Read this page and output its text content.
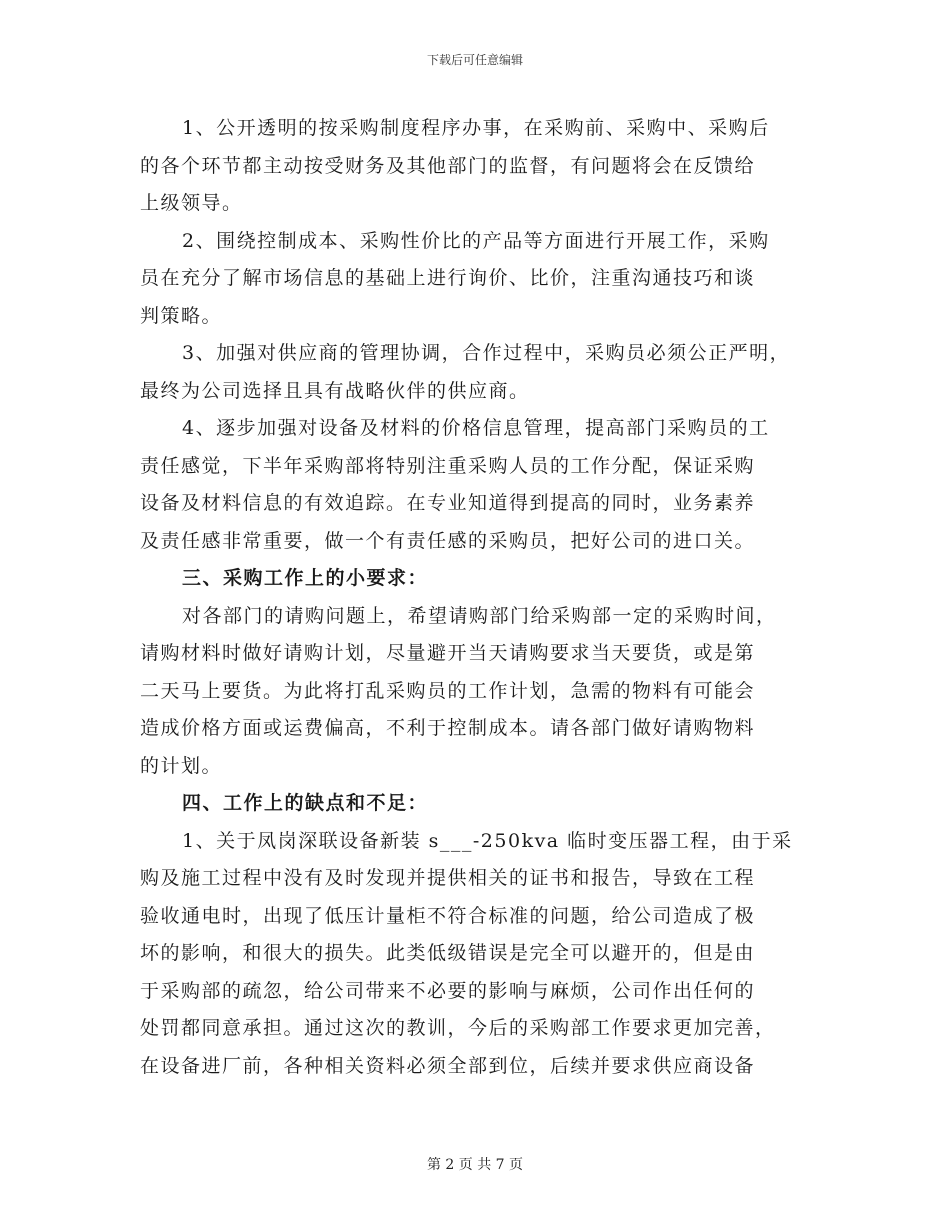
下载后可任意编辑
1、公开透明的按采购制度程序办事，在采购前、采购中、采购后
的各个环节都主动按受财务及其他部门的监督，有问题将会在反馈给
上级领导。
2、围绕控制成本、采购性价比的产品等方面进行开展工作，采购
员在充分了解市场信息的基础上进行询价、比价，注重沟通技巧和谈
判策略。
3、加强对供应商的管理协调，合作过程中，采购员必须公正严明，
最终为公司选择且具有战略伙伴的供应商。
4、逐步加强对设备及材料的价格信息管理，提高部门采购员的工
责任感觉，下半年采购部将特别注重采购人员的工作分配，保证采购
设备及材料信息的有效追踪。在专业知道得到提高的同时，业务素养
及责任感非常重要，做一个有责任感的采购员，把好公司的进口关。
三、采购工作上的小要求：
对各部门的请购问题上，希望请购部门给采购部一定的采购时间，
请购材料时做好请购计划，尽量避开当天请购要求当天要货，或是第
二天马上要货。为此将打乱采购员的工作计划，急需的物料有可能会
造成价格方面或运费偏高，不利于控制成本。请各部门做好请购物料
的计划。
四、工作上的缺点和不足：
1、关于凤岗深联设备新装 s___-250kva 临时变压器工程，由于采
购及施工过程中没有及时发现并提供相关的证书和报告，导致在工程
验收通电时，出现了低压计量柜不符合标准的问题，给公司造成了极
坏的影响，和很大的损失。此类低级错误是完全可以避开的，但是由
于采购部的疏忽，给公司带来不必要的影响与麻烦，公司作出任何的
处罚都同意承担。通过这次的教训，今后的采购部工作要求更加完善，
在设备进厂前，各种相关资料必须全部到位，后续并要求供应商设备
第 2 页 共 7 页
